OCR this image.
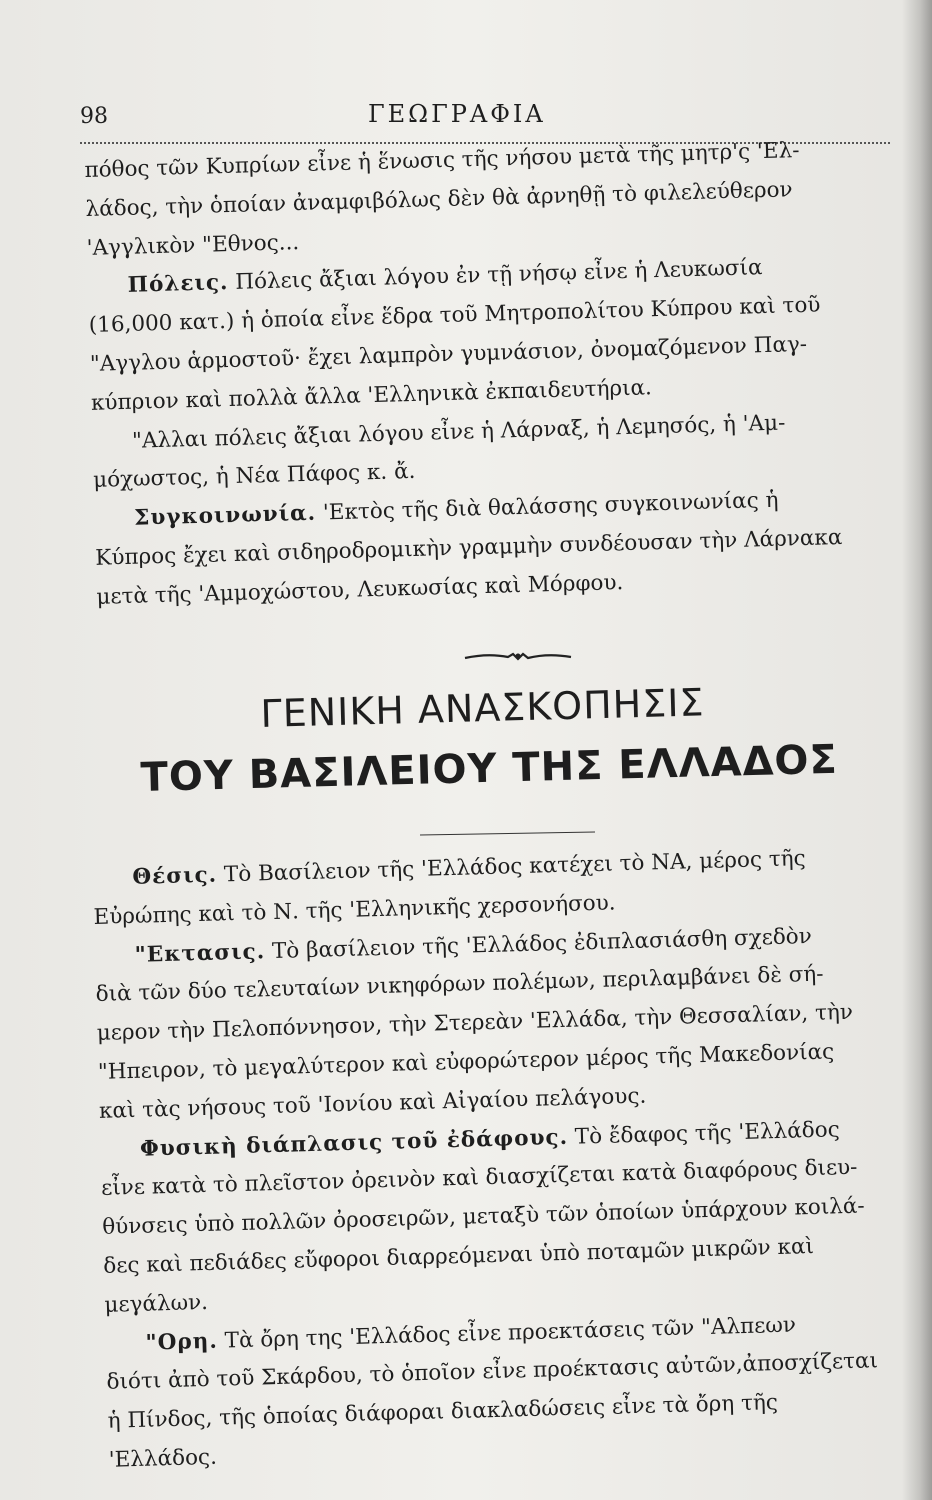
98	ΓΕΩΓΡΑΦΙΑ

πόθος τῶν Κυπρίων εἶνε ἡ ἕνωσις τῆς νήσου μετὰ τῆς μητρ'ς 'Ελ-

λάδος, τὴν ὁποίαν ἀναμφιβόλως δὲν θὰ ἀρνηθῇ τὸ φιλελεύθερον

'Αγγλικὸν "Εθνος...

Πόλεις. Πόλεις ἄξιαι λόγου ἐν τῇ νήσῳ εἶνε ἡ Λευκωσία

(16,000 κατ.) ἡ ὁποία εἶνε ἕδρα τοῦ Μητροπολίτου Κύπρου καὶ τοῦ

"Αγγλου ἁρμοστοῦ· ἔχει λαμπρὸν γυμνάσιον, ὀνομαζόμενον Παγ-

κύπριον καὶ πολλὰ ἄλλα 'Ελληνικὰ ἐκπαιδευτήρια.

"Αλλαι πόλεις ἄξιαι λόγου εἶνε ἡ Λάρναξ, ἡ Λεμησός, ἡ 'Αμ-

μόχωστος, ἡ Νέα Πάφος κ. ἄ.

Συγκοινωνία. 'Εκτὸς τῆς διὰ θαλάσσης συγκοινωνίας ἡ

Κύπρος ἔχει καὶ σιδηροδρομικὴν γραμμὴν συνδέουσαν τὴν Λάρνακα

μετὰ τῆς 'Αμμοχώστου, Λευκωσίας καὶ Μόρφου.

ΓΕΝΙΚΗ ΑΝΑΣΚΟΠΗΣΙΣ
ΤΟΥ ΒΑΣΙΛΕΙΟΥ ΤΗΣ ΕΛΛΑΔΟΣ

Θέσις. Τὸ Βασίλειον τῆς 'Ελλάδος κατέχει τὸ ΝΑ, μέρος τῆς

Εὐρώπης καὶ τὸ Ν. τῆς 'Ελληνικῆς χερσονήσου.

"Εκτασις. Τὸ βασίλειον τῆς 'Ελλάδος ἐδιπλασιάσθη σχεδὸν

διὰ τῶν δύο τελευταίων νικηφόρων πολέμων, περιλαμβάνει δὲ σή-

μερον τὴν Πελοπόννησον, τὴν Στερεὰν 'Ελλάδα, τὴν Θεσσαλίαν, τὴν

"Ηπειρον, τὸ μεγαλύτερον καὶ εὐφορώτερον μέρος τῆς Μακεδονίας

καὶ τὰς νήσους τοῦ 'Ιονίου καὶ Αἰγαίου πελάγους.

Φυσικὴ διάπλασις τοῦ ἐδάφους. Τὸ ἔδαφος τῆς 'Ελλάδος

εἶνε κατὰ τὸ πλεῖστον ὀρεινὸν καὶ διασχίζεται κατὰ διαφόρους διευ-

θύνσεις ὑπὸ πολλῶν ὀροσειρῶν, μεταξὺ τῶν ὁποίων ὑπάρχουν κοιλά-

δες καὶ πεδιάδες εὔφοροι διαρρεόμεναι ὑπὸ ποταμῶν μικρῶν καὶ

μεγάλων.

"Ορη. Τὰ ὄρη της 'Ελλάδος εἶνε προεκτάσεις τῶν "Αλπεων

διότι ἀπὸ τοῦ Σκάρδου, τὸ ὁποῖον εἶνε προέκτασις αὐτῶν,ἀποσχίζεται

ἡ Πίνδος, τῆς ὁποίας διάφοραι διακλαδώσεις εἶνε τὰ ὄρη τῆς

'Ελλάδος.
